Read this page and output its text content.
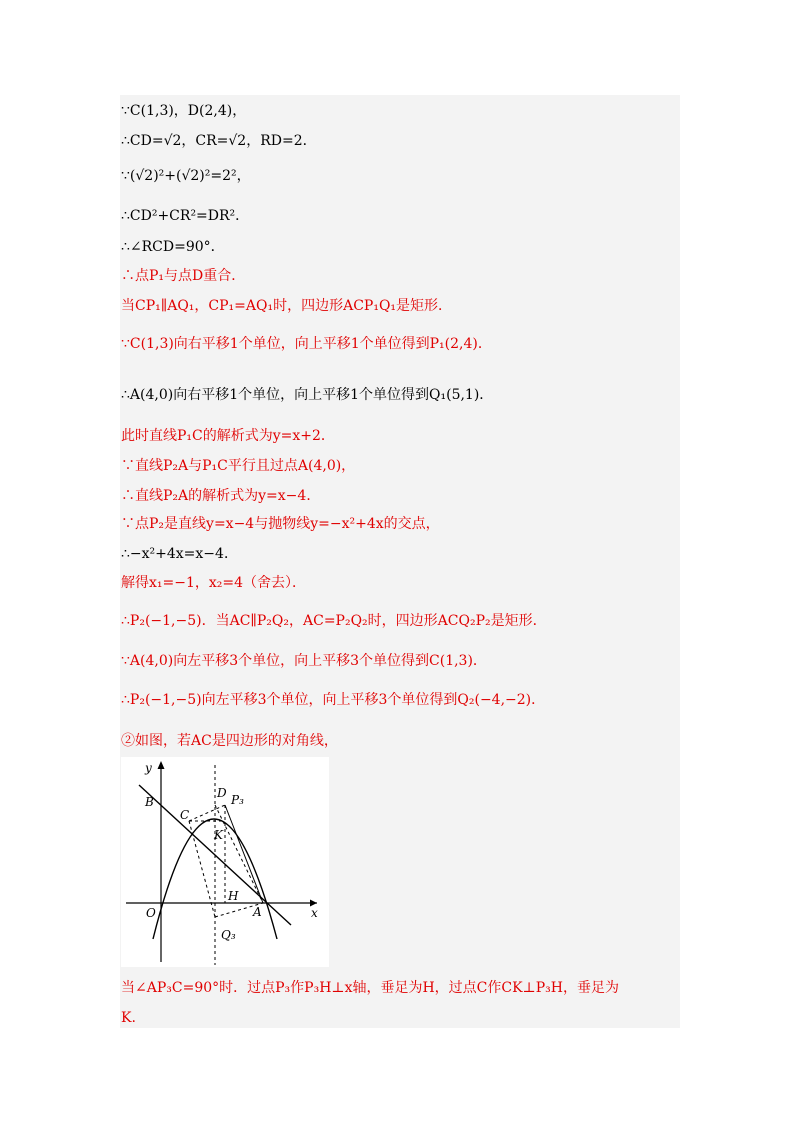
∵C(1,3)，D(2,4)，
∴CD=√2，CR=√2，RD=2．
∵(√2)²+(√2)²=2²，
∴CD²+CR²=DR²．
∴∠RCD=90°．
∴点P₁与点D重合．
当CP₁∥AQ₁，CP₁=AQ₁时，四边形ACP₁Q₁是矩形．
∵C(1,3)向右平移1个单位，向上平移1个单位得到P₁(2,4)．
∴A(4,0)向右平移1个单位，向上平移1个单位得到Q₁(5,1)．
此时直线P₁C的解析式为y=x+2．
∵直线P₂A与P₁C平行且过点A(4,0)，
∴直线P₂A的解析式为y=x−4．
∵点P₂是直线y=x−4与抛物线y=−x²+4x的交点，
∴−x²+4x=x−4．
解得x₁=−1，x₂=4（舍去）．
∴P₂(−1,−5)．当AC∥P₂Q₂，AC=P₂Q₂时，四边形ACQ₂P₂是矩形．
∵A(4,0)向左平移3个单位，向上平移3个单位得到C(1,3)．
∴P₂(−1,−5)向左平移3个单位，向上平移3个单位得到Q₂(−4,−2)．
②如图，若AC是四边形的对角线，
y
x
B
D P₃
C
K
H
O	A
Q₃
当∠AP₃C=90°时．过点P₃作P₃H⊥x轴，垂足为H，过点C作CK⊥P₃H，垂足为
K.
